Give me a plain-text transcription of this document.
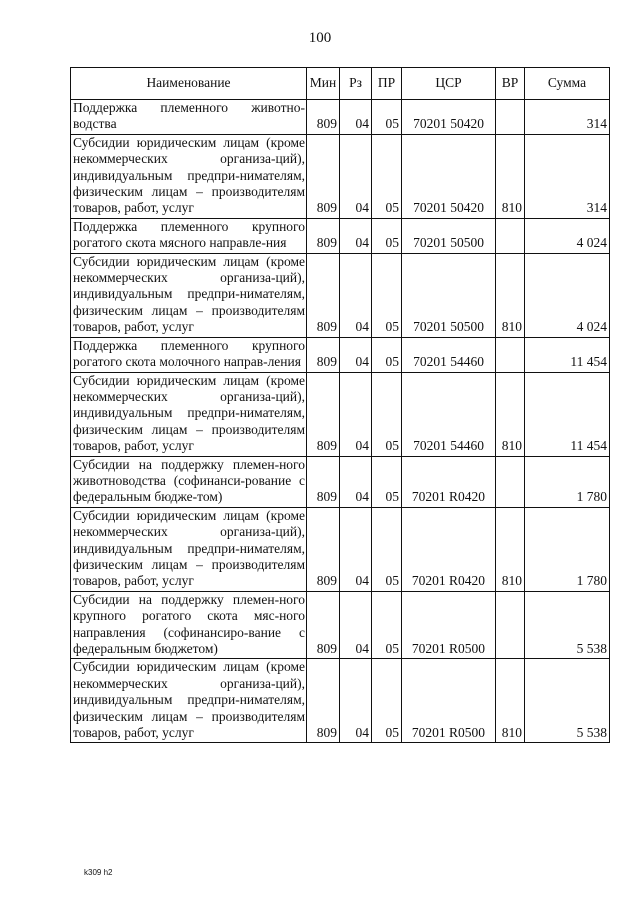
100
Наименование	Мин	Рз	ПР	ЦСР	ВР	Сумма
Поддержка племенного животно-водства	809	04	05	70201 50420		314
Субсидии юридическим лицам (кроме некоммерческих организа-ций), индивидуальным предпри-нимателям, физическим лицам – производителям товаров, работ, услуг	809	04	05	70201 50420	810	314
Поддержка племенного крупного рогатого скота мясного направле-ния	809	04	05	70201 50500		4 024
Субсидии юридическим лицам (кроме некоммерческих организа-ций), индивидуальным предпри-нимателям, физическим лицам – производителям товаров, работ, услуг	809	04	05	70201 50500	810	4 024
Поддержка племенного крупного рогатого скота молочного направ-ления	809	04	05	70201 54460		11 454
Субсидии юридическим лицам (кроме некоммерческих организа-ций), индивидуальным предпри-нимателям, физическим лицам – производителям товаров, работ, услуг	809	04	05	70201 54460	810	11 454
Субсидии на поддержку племен-ного животноводства (софинанси-рование с федеральным бюдже-том)	809	04	05	70201 R0420		1 780
Субсидии юридическим лицам (кроме некоммерческих организа-ций), индивидуальным предпри-нимателям, физическим лицам – производителям товаров, работ, услуг	809	04	05	70201 R0420	810	1 780
Субсидии на поддержку племен-ного крупного рогатого скота мяс-ного направления (софинансиро-вание с федеральным бюджетом)	809	04	05	70201 R0500		5 538
Субсидии юридическим лицам (кроме некоммерческих организа-ций), индивидуальным предпри-нимателям, физическим лицам – производителям товаров, работ, услуг	809	04	05	70201 R0500	810	5 538
k309 h2
